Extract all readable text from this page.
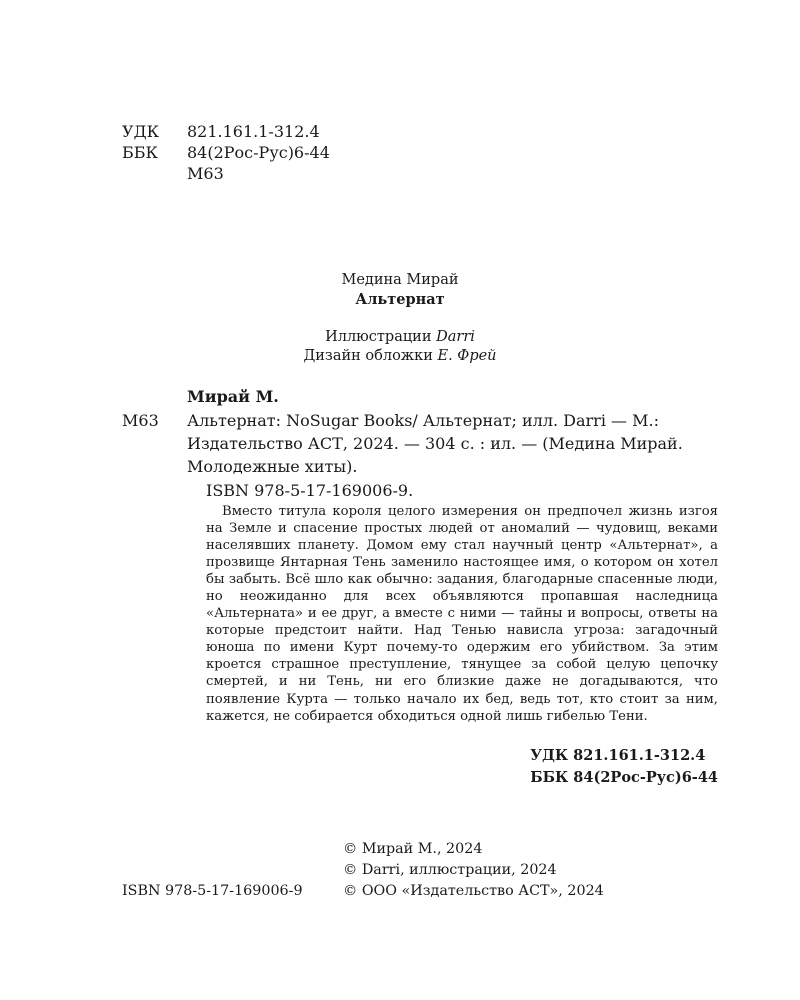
УДК	821.161.1-312.4
ББК	84(2Рос-Рус)6-44
М63
Медина Мирай
Альтернат
Иллюстрации Darri
Дизайн обложки Е. Фрей
Мирай М.
М63 Альтернат: NoSugar Books/ Альтернат; илл. Darri — М.:
Издательство АСТ, 2024. — 304 с. : ил. — (Медина Мирай.
Молодежные хиты).
ISBN 978-5-17-169006-9.
Вместо титула короля целого измерения он предпочел жизнь изгоя на Земле и спасение простых людей от аномалий — чудовищ, веками населявших планету. Домом ему стал научный центр «Альтернат», а прозвище Янтарная Тень заменило настоящее имя, о котором он хотел бы забыть. Всё шло как обычно: задания, благодарные спасенные люди, но неожиданно для всех объявляются пропавшая наследница «Альтерната» и ее друг, а вместе с ними — тайны и вопросы, ответы на которые предстоит найти. Над Тенью нависла угроза: загадочный юноша по имени Курт почему-то одержим его убийством. За этим кроется страшное преступление, тянущее за собой целую цепочку смертей, и ни Тень, ни его близкие даже не догадываются, что появление Курта — только начало их бед, ведь тот, кто стоит за ним, кажется, не собирается обходиться одной лишь гибелью Тени.
УДК 821.161.1-312.4
ББК 84(2Рос-Рус)6-44
© Мирай М., 2024
© Darri, иллюстрации, 2024
© ООО «Издательство АСТ», 2024
ISBN 978-5-17-169006-9
